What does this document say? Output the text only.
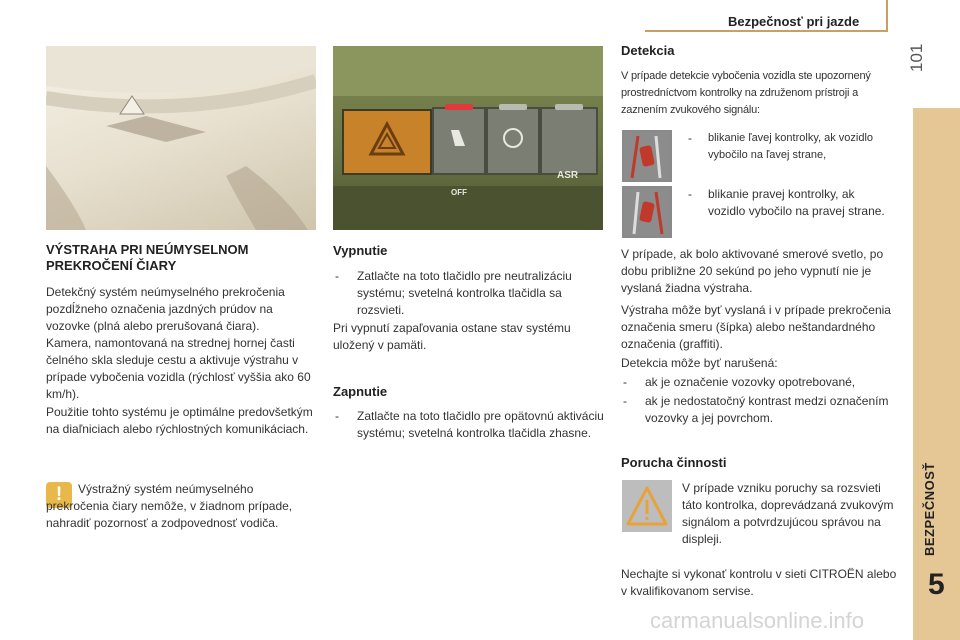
Bezpečnosť pri jazde
101
BEZPEČNOSŤ
5
OFF
ASR
VÝSTRAHA PRI NEÚMYSELNOM PREKROČENÍ ČIARY

Detekčný systém neúmyselného prekročenia pozdĺžneho označenia jazdných prúdov na vozovke (plná alebo prerušovaná čiara).

Kamera, namontovaná na strednej hornej časti čelného skla sleduje cestu a aktivuje výstrahu v prípade vybočenia vozidla (rýchlosť vyššia ako 60 km/h).

Použitie tohto systému je optimálne predovšetkým na diaľniciach alebo rýchlostných komunikáciach.

!	Výstražný systém neúmyselného prekročenia čiary nemôže, v žiadnom prípade, nahradiť pozornosť a zodpovednosť vodiča.

Vypnutie
- Zatlačte na toto tlačidlo pre neutralizáciu systému; svetelná kontrolka tlačidla sa rozsvieti.

Pri vypnutí zapaľovania ostane stav systému uložený v pamäti.

Zapnutie
- Zatlačte na toto tlačidlo pre opätovnú aktiváciu systému; svetelná kontrolka tlačidla zhasne.

Detekcia

V prípade detekcie vybočenia vozidla ste upozornený prostredníctvom kontrolky na združenom prístroji a zaznením zvukového signálu:

- blikanie ľavej kontrolky, ak vozidlo vybočilo na ľavej strane,

- blikanie pravej kontrolky, ak vozidlo vybočilo na pravej strane.

V prípade, ak bolo aktivované smerové svetlo, po dobu približne 20 sekúnd po jeho vypnutí nie je vyslaná žiadna výstraha.

Výstraha môže byť vyslaná i v prípade prekročenia označenia smeru (šípka) alebo neštandardného označenia (graffiti).

Detekcia môže byť narušená:

- ak je označenie vozovky opotrebované,

- ak je nedostatočný kontrast medzi označením vozovky a jej povrchom.

Porucha činnosti

V prípade vzniku poruchy sa rozsvieti táto kontrolka, doprevádzaná zvukovým signálom a potvrdzujúcou správou na displeji.

Nechajte si vykonať kontrolu v sieti CITROËN alebo v kvalifikovanom servise.

carmanualsonline.info
